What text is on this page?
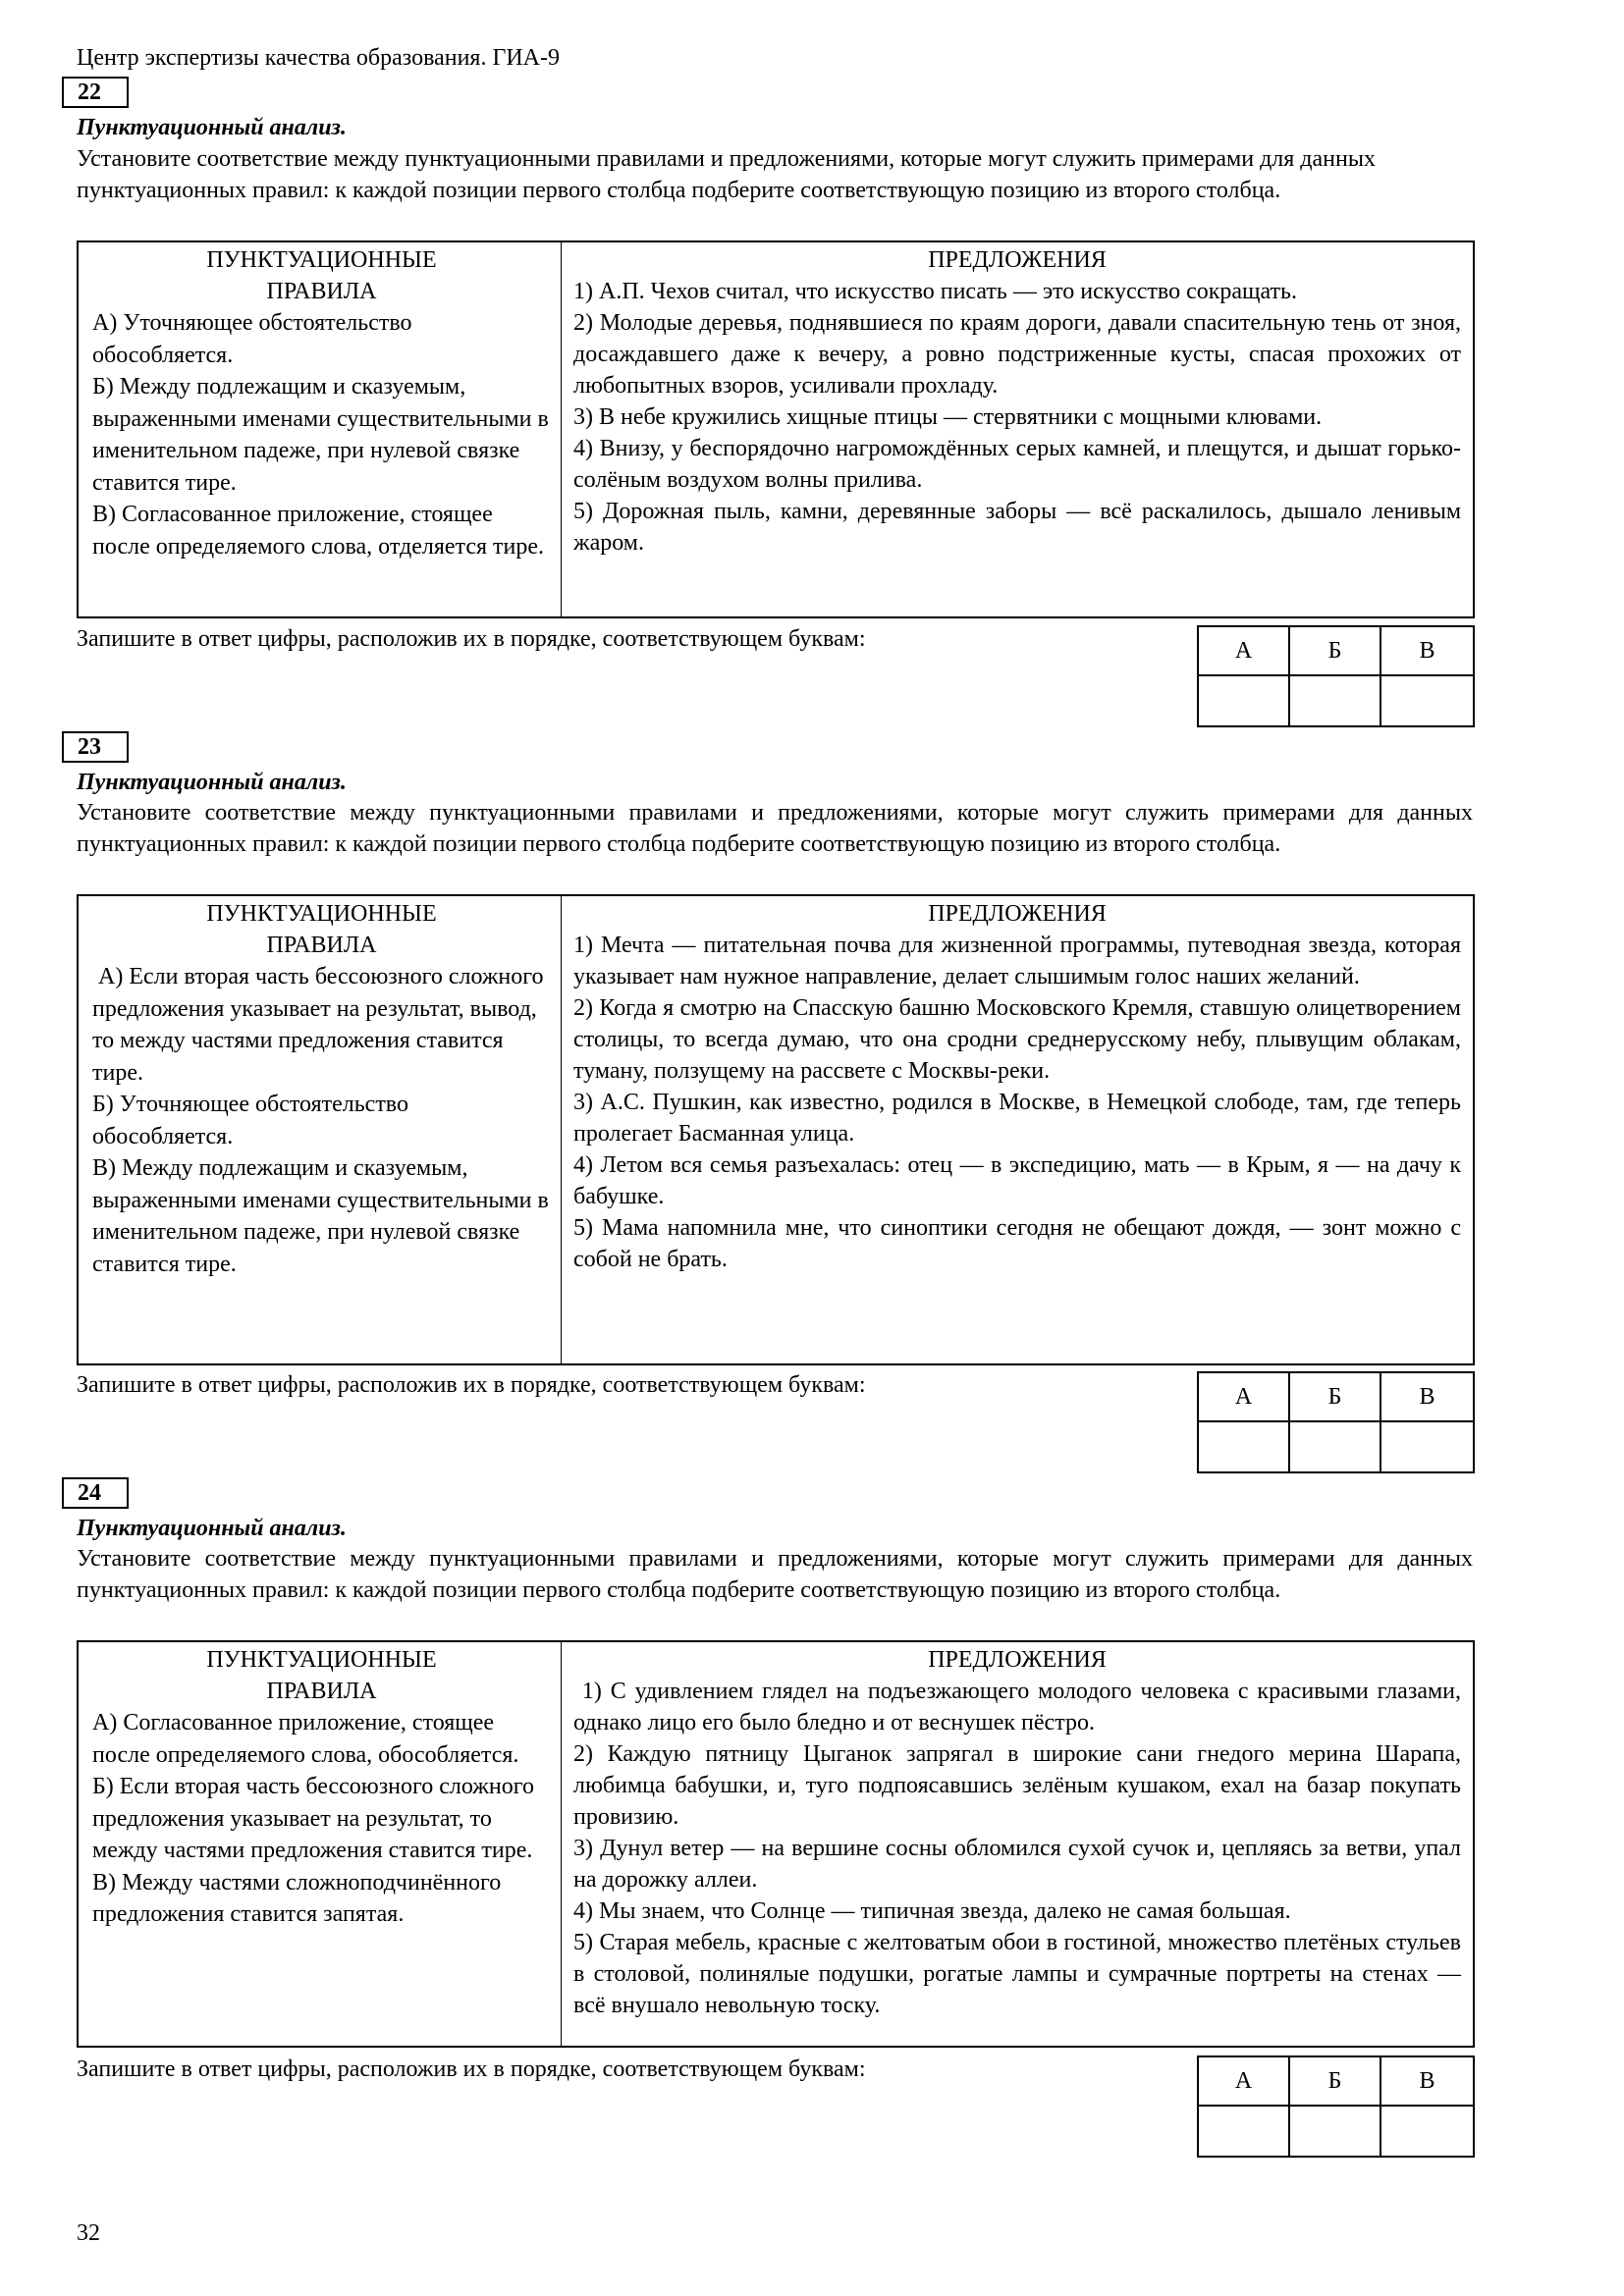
Центр экспертизы качества образования. ГИА-9
22
Пунктуационный анализ.

Установите соответствие между пунктуационными правилами и предложениями, которые могут служить примерами для данных пунктуационных правил: к каждой позиции первого столбца подберите соответствующую позицию из второго столбца.

ПУНКТУАЦИОННЫЕ
ПРАВИЛА
А) Уточняющее обстоятельство обособляется.
Б) Между подлежащим и сказуемым, выраженными именами существительными в именительном падеже, при нулевой связке ставится тире.
В) Согласованное приложение, стоящее после определяемого слова, отделяется тире.
ПРЕДЛОЖЕНИЯ
1) А.П. Чехов считал, что искусство писать — это искусство сокращать.
2) Молодые деревья, поднявшиеся по краям дороги, давали спасительную тень от зноя, досаждавшего даже к вечеру, а ровно подстриженные кусты, спасая прохожих от любопытных взоров, усиливали прохладу.
3) В небе кружились хищные птицы — стервятники с мощными клювами.
4) Внизу, у беспорядочно нагромождённых серых камней, и плещутся, и дышат горько-солёным воздухом волны прилива.
5) Дорожная пыль, камни, деревянные заборы — всё раскалилось, дышало ленивым жаром.
Запишите в ответ цифры, расположив их в порядке, соответствующем буквам:	А	Б	В
23
Пунктуационный анализ.

Установите соответствие между пунктуационными правилами и предложениями, которые могут служить примерами для данных пунктуационных правил: к каждой позиции первого столбца подберите соответствующую позицию из второго столбца.

ПУНКТУАЦИОННЫЕ
ПРАВИЛА
А) Если вторая часть бессоюзного сложного предложения указывает на результат, вывод, то между частями предложения ставится тире.
Б) Уточняющее обстоятельство обособляется.
В) Между подлежащим и сказуемым, выраженными именами существительными в именительном падеже, при нулевой связке ставится тире.
ПРЕДЛОЖЕНИЯ
1) Мечта — питательная почва для жизненной программы, путеводная звезда, которая указывает нам нужное направление, делает слышимым голос наших желаний.
2) Когда я смотрю на Спасскую башню Московского Кремля, ставшую олицетворением столицы, то всегда думаю, что она сродни среднерусскому небу, плывущим облакам, туману, ползущему на рассвете с Москвы-реки.
3) А.С. Пушкин, как известно, родился в Москве, в Немецкой слободе, там, где теперь пролегает Басманная улица.
4) Летом вся семья разъехалась: отец — в экспедицию, мать — в Крым, я — на дачу к бабушке.
5) Мама напомнила мне, что синоптики сегодня не обещают дождя, — зонт можно с собой не брать.
Запишите в ответ цифры, расположив их в порядке, соответствующем буквам:	А	Б	В
24
Пунктуационный анализ.

Установите соответствие между пунктуационными правилами и предложениями, которые могут служить примерами для данных пунктуационных правил: к каждой позиции первого столбца подберите соответствующую позицию из второго столбца.

ПУНКТУАЦИОННЫЕ
ПРАВИЛА
А) Согласованное приложение, стоящее после определяемого слова, обособляется.
Б) Если вторая часть бессоюзного сложного предложения указывает на результат, то между частями предложения ставится тире.
В) Между частями сложноподчинённого предложения ставится запятая.
ПРЕДЛОЖЕНИЯ
1) С удивлением глядел на подъезжающего молодого человека с красивыми глазами, однако лицо его было бледно и от веснушек пёстро.
2) Каждую пятницу Цыганок запрягал в широкие сани гнедого мерина Шарапа, любимца бабушки, и, туго подпоясавшись зелёным кушаком, ехал на базар покупать провизию.
3) Дунул ветер — на вершине сосны обломился сухой сучок и, цепляясь за ветви, упал на дорожку аллеи.
4) Мы знаем, что Солнце — типичная звезда, далеко не самая большая.
5) Старая мебель, красные с желтоватым обои в гостиной, множество плетёных стульев в столовой, полинялые подушки, рогатые лампы и сумрачные портреты на стенах — всё внушало невольную тоску.
Запишите в ответ цифры, расположив их в порядке, соответствующем буквам:	А	Б	В
32
